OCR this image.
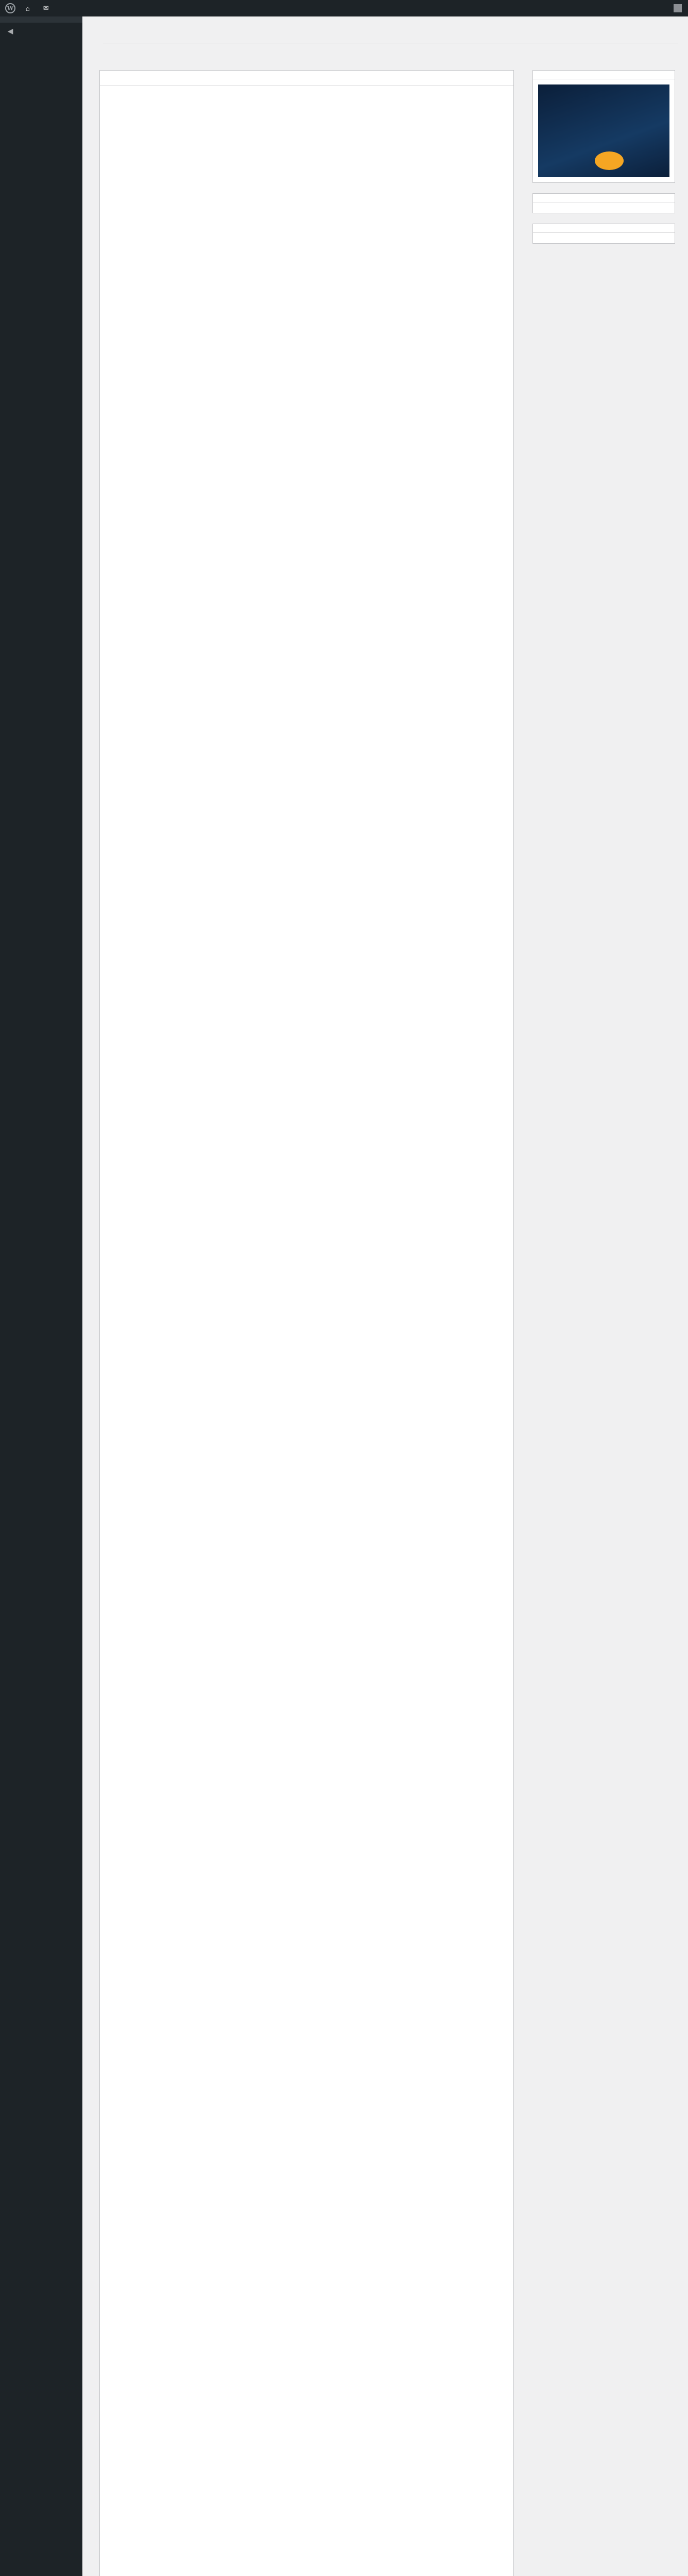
W ⌂ ✉
◀
